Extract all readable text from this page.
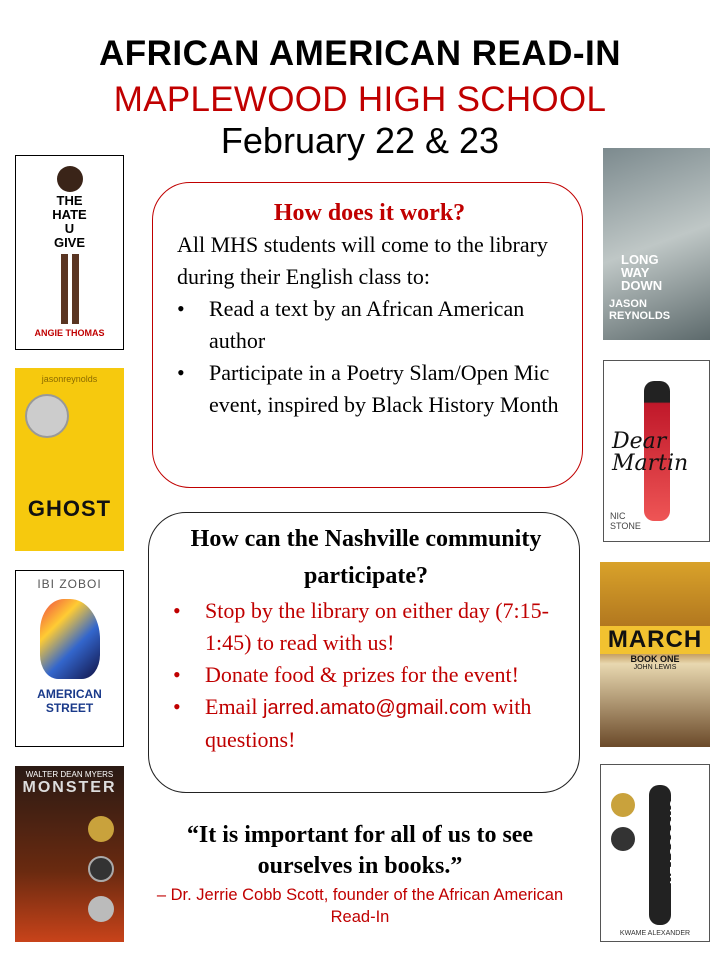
AFRICAN AMERICAN READ-IN
MAPLEWOOD HIGH SCHOOL
February 22 & 23
How does it work?
All MHS students will come to the library during their English class to:
• Read a text by an African American author
• Participate in a Poetry Slam/Open Mic event, inspired by Black History Month
How can the Nashville community participate?
• Stop by the library on either day (7:15-1:45) to read with us!
• Donate food & prizes for the event!
• Email jarred.amato@gmail.com with questions!
“It is important for all of us to see ourselves in books.”
– Dr. Jerrie Cobb Scott, founder of the African American Read-In
THE HATE U GIVE
ANGIE THOMAS
jasonreynolds
GHOST
IBI ZOBOI
AMERICAN STREET
WALTER DEAN MYERS
MONSTER
LONG WAY DOWN
JASON REYNOLDS
Dear Martin
NIC STONE
MARCH
BOOK ONE
JOHN LEWIS
CROSSOVER
KWAME ALEXANDER
